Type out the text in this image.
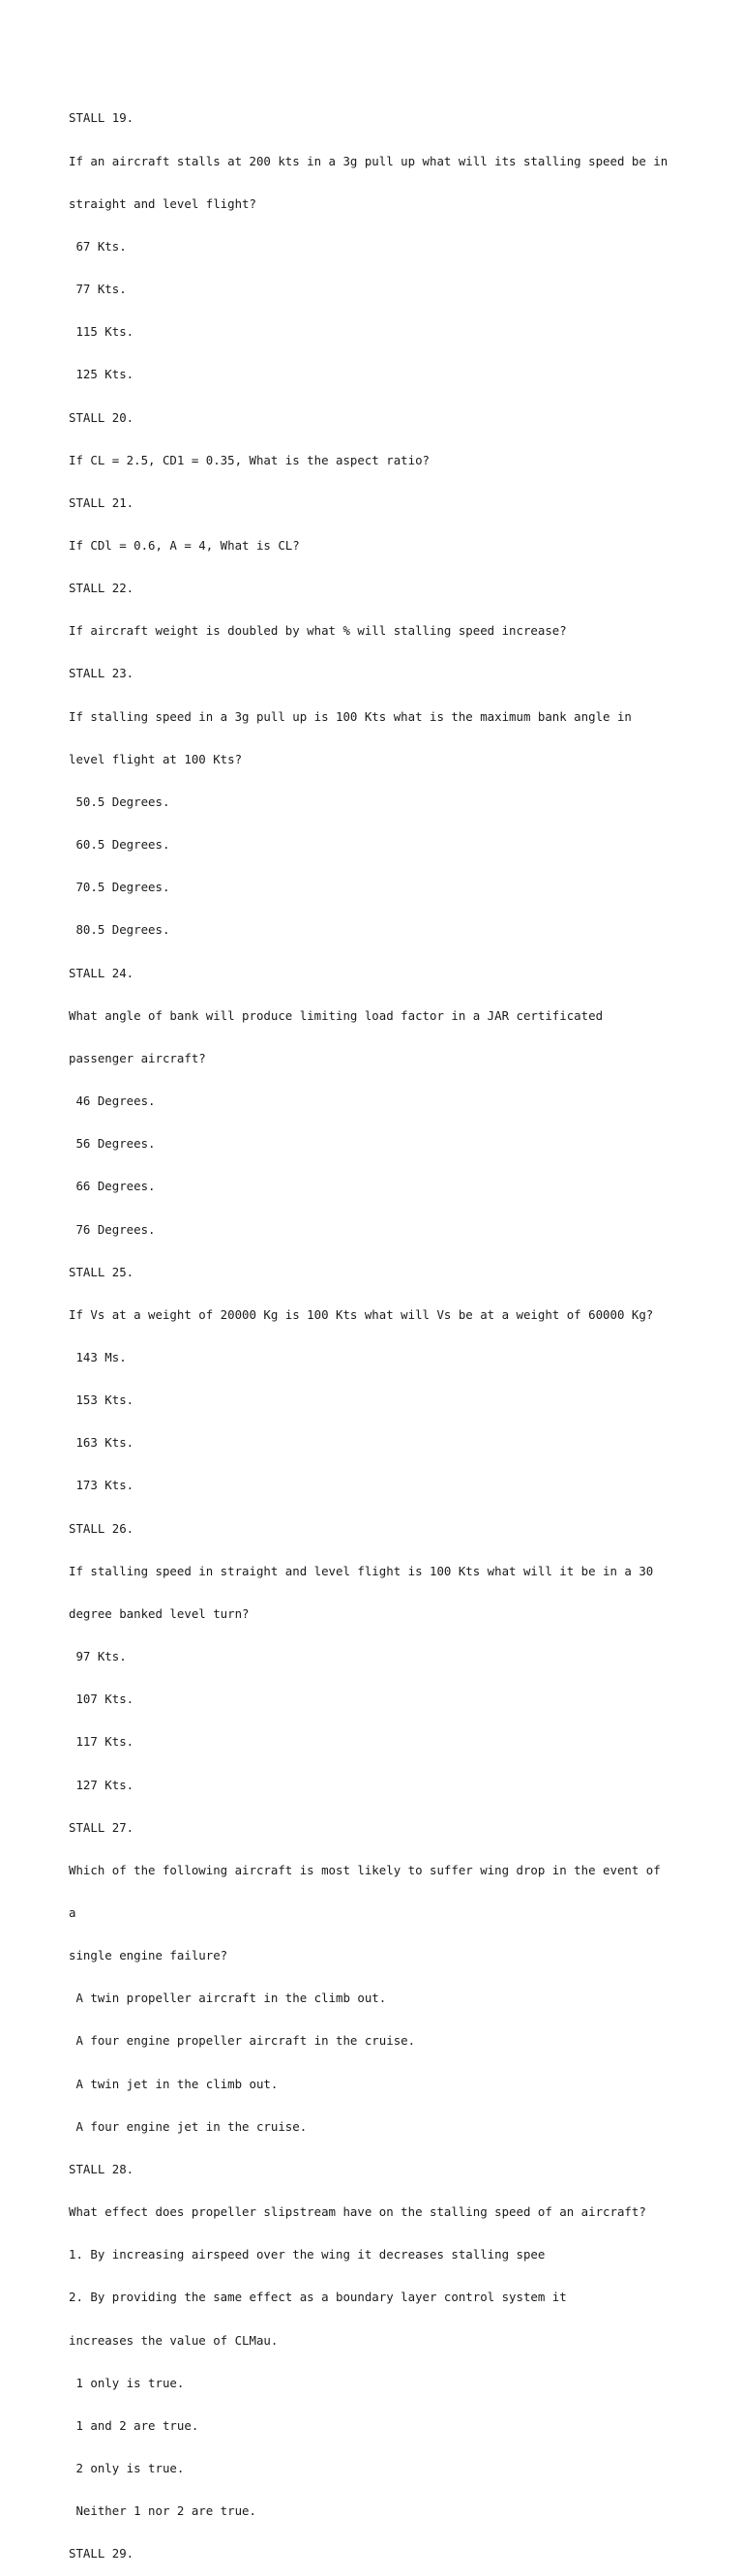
STALL 19.

If an aircraft stalls at 200 kts in a 3g pull up what will its stalling speed be in

straight and level flight?

67 Kts.

77 Kts.

115 Kts.

125 Kts.

STALL 20.

If CL = 2.5, CD1 = 0.35, What is the aspect ratio?

STALL 21.

If CDl = 0.6, A = 4, What is CL?

STALL 22.

If aircraft weight is doubled by what % will stalling speed increase?

STALL 23.

If stalling speed in a 3g pull up is 100 Kts what is the maximum bank angle in

level flight at 100 Kts?

50.5 Degrees.

60.5 Degrees.

70.5 Degrees.

80.5 Degrees.

STALL 24.

What angle of bank will produce limiting load factor in a JAR certificated

passenger aircraft?

46 Degrees.

56 Degrees.

66 Degrees.

76 Degrees.

STALL 25.

If Vs at a weight of 20000 Kg is 100 Kts what will Vs be at a weight of 60000 Kg?

143 Ms.

153 Kts.

163 Kts.

173 Kts.

STALL 26.

If stalling speed in straight and level flight is 100 Kts what will it be in a 30

degree banked level turn?

97 Kts.

107 Kts.

117 Kts.

127 Kts.

STALL 27.

Which of the following aircraft is most likely to suffer wing drop in the event of

a

single engine failure?

A twin propeller aircraft in the climb out.

A four engine propeller aircraft in the cruise.

A twin jet in the climb out.

A four engine jet in the cruise.

STALL 28.

What effect does propeller slipstream have on the stalling speed of an aircraft?

1. By increasing airspeed over the wing it decreases stalling spee

2. By providing the same effect as a boundary layer control system it

increases the value of CLMau.

1 only is true.

1 and 2 are true.

2 only is true.

Neither 1 nor 2 are true.

STALL 29.
